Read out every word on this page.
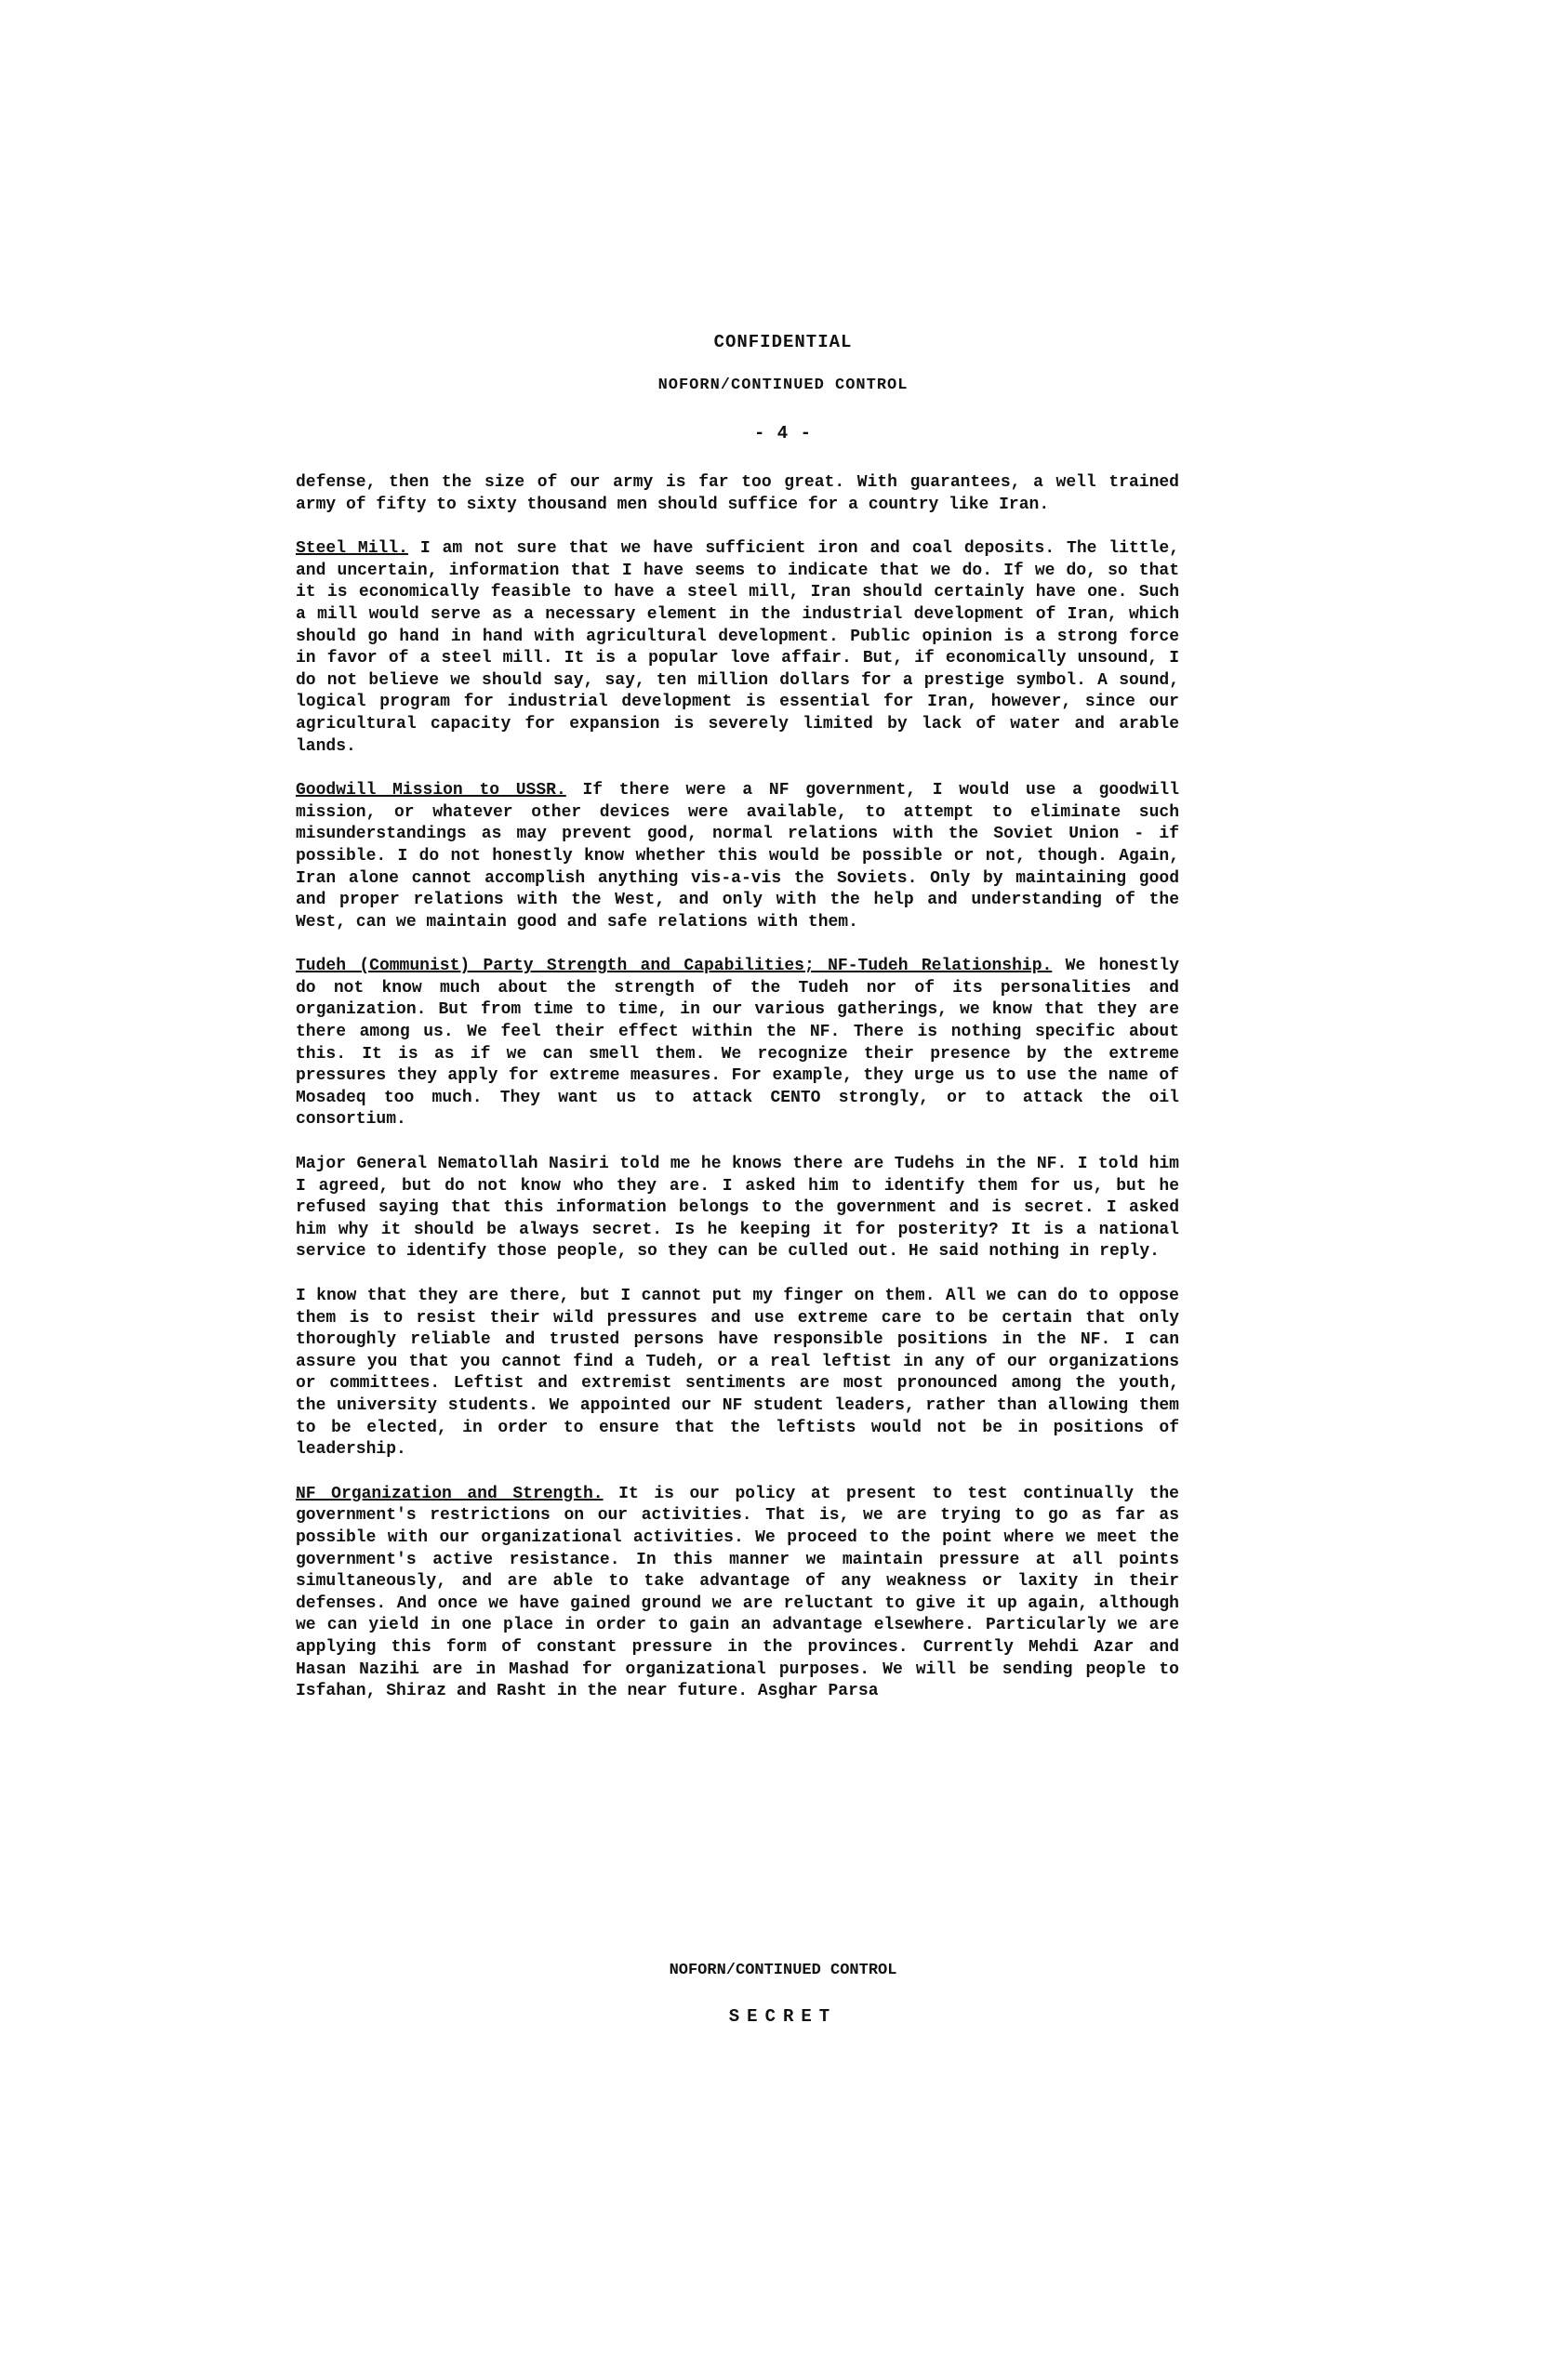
CONFIDENTIAL
NOFORN/CONTINUED CONTROL
- 4 -

defense, then the size of our army is far too great. With guarantees, a well trained army of fifty to sixty thousand men should suffice for a country like Iran.

Steel Mill. I am not sure that we have sufficient iron and coal deposits. The little, and uncertain, information that I have seems to indicate that we do. If we do, so that it is economically feasible to have a steel mill, Iran should certainly have one. Such a mill would serve as a necessary element in the industrial development of Iran, which should go hand in hand with agricultural development. Public opinion is a strong force in favor of a steel mill. It is a popular love affair. But, if economically unsound, I do not believe we should say, say, ten million dollars for a prestige symbol. A sound, logical program for industrial development is essential for Iran, however, since our agricultural capacity for expansion is severely limited by lack of water and arable lands.

Goodwill Mission to USSR. If there were a NF government, I would use a goodwill mission, or whatever other devices were available, to attempt to eliminate such misunderstandings as may prevent good, normal relations with the Soviet Union - if possible. I do not honestly know whether this would be possible or not, though. Again, Iran alone cannot accomplish anything vis-a-vis the Soviets. Only by maintaining good and proper relations with the West, and only with the help and understanding of the West, can we maintain good and safe relations with them.

Tudeh (Communist) Party Strength and Capabilities; NF-Tudeh Relationship. We honestly do not know much about the strength of the Tudeh nor of its personalities and organization. But from time to time, in our various gatherings, we know that they are there among us. We feel their effect within the NF. There is nothing specific about this. It is as if we can smell them. We recognize their presence by the extreme pressures they apply for extreme measures. For example, they urge us to use the name of Mosadeq too much. They want us to attack CENTO strongly, or to attack the oil consortium.

Major General Nematollah Nasiri told me he knows there are Tudehs in the NF. I told him I agreed, but do not know who they are. I asked him to identify them for us, but he refused saying that this information belongs to the government and is secret. I asked him why it should be always secret. Is he keeping it for posterity? It is a national service to identify those people, so they can be culled out. He said nothing in reply.

I know that they are there, but I cannot put my finger on them. All we can do to oppose them is to resist their wild pressures and use extreme care to be certain that only thoroughly reliable and trusted persons have responsible positions in the NF. I can assure you that you cannot find a Tudeh, or a real leftist in any of our organizations or committees. Leftist and extremist sentiments are most pronounced among the youth, the university students. We appointed our NF student leaders, rather than allowing them to be elected, in order to ensure that the leftists would not be in positions of leadership.

NF Organization and Strength. It is our policy at present to test continually the government's restrictions on our activities. That is, we are trying to go as far as possible with our organizational activities. We proceed to the point where we meet the government's active resistance. In this manner we maintain pressure at all points simultaneously, and are able to take advantage of any weakness or laxity in their defenses. And once we have gained ground we are reluctant to give it up again, although we can yield in one place in order to gain an advantage elsewhere. Particularly we are applying this form of constant pressure in the provinces. Currently Mehdi Azar and Hasan Nazihi are in Mashad for organizational purposes. We will be sending people to Isfahan, Shiraz and Rasht in the near future. Asghar Parsa

NOFORN/CONTINUED CONTROL
SECRET
